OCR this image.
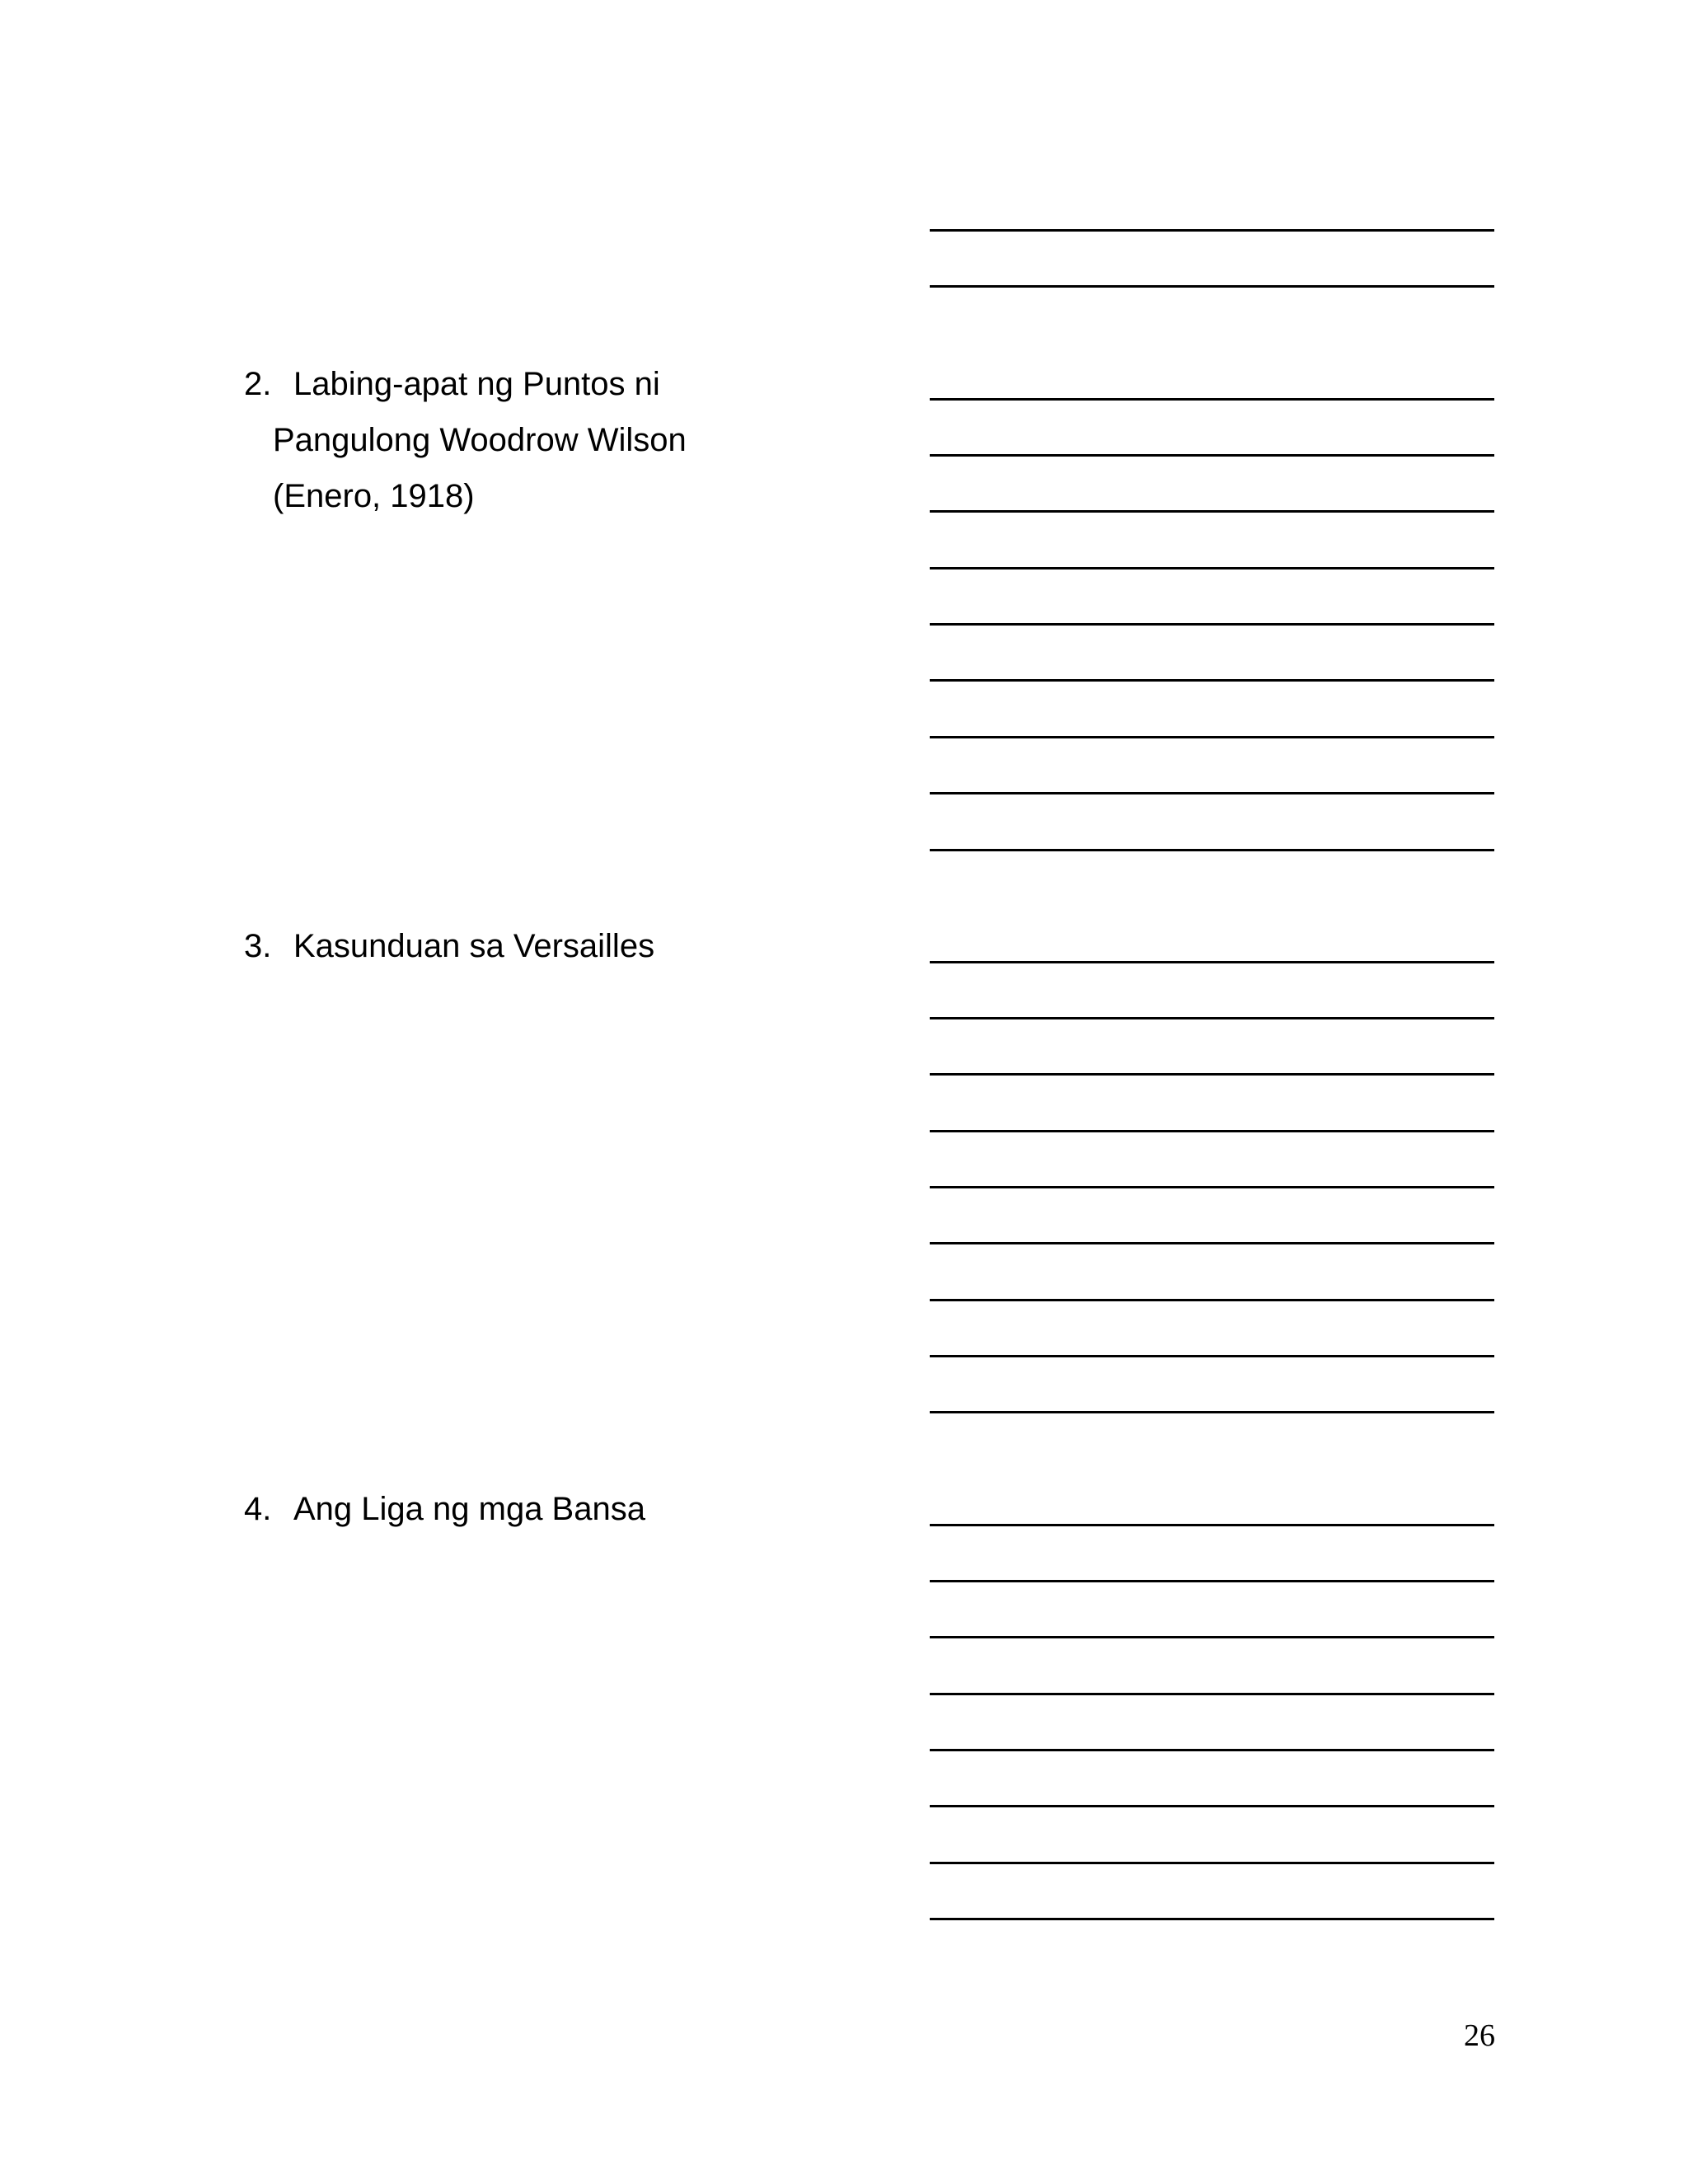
2. Labing-apat ng Puntos ni
Pangulong Woodrow Wilson
(Enero, 1918)
3. Kasunduan sa Versailles
4. Ang Liga ng mga Bansa
26
